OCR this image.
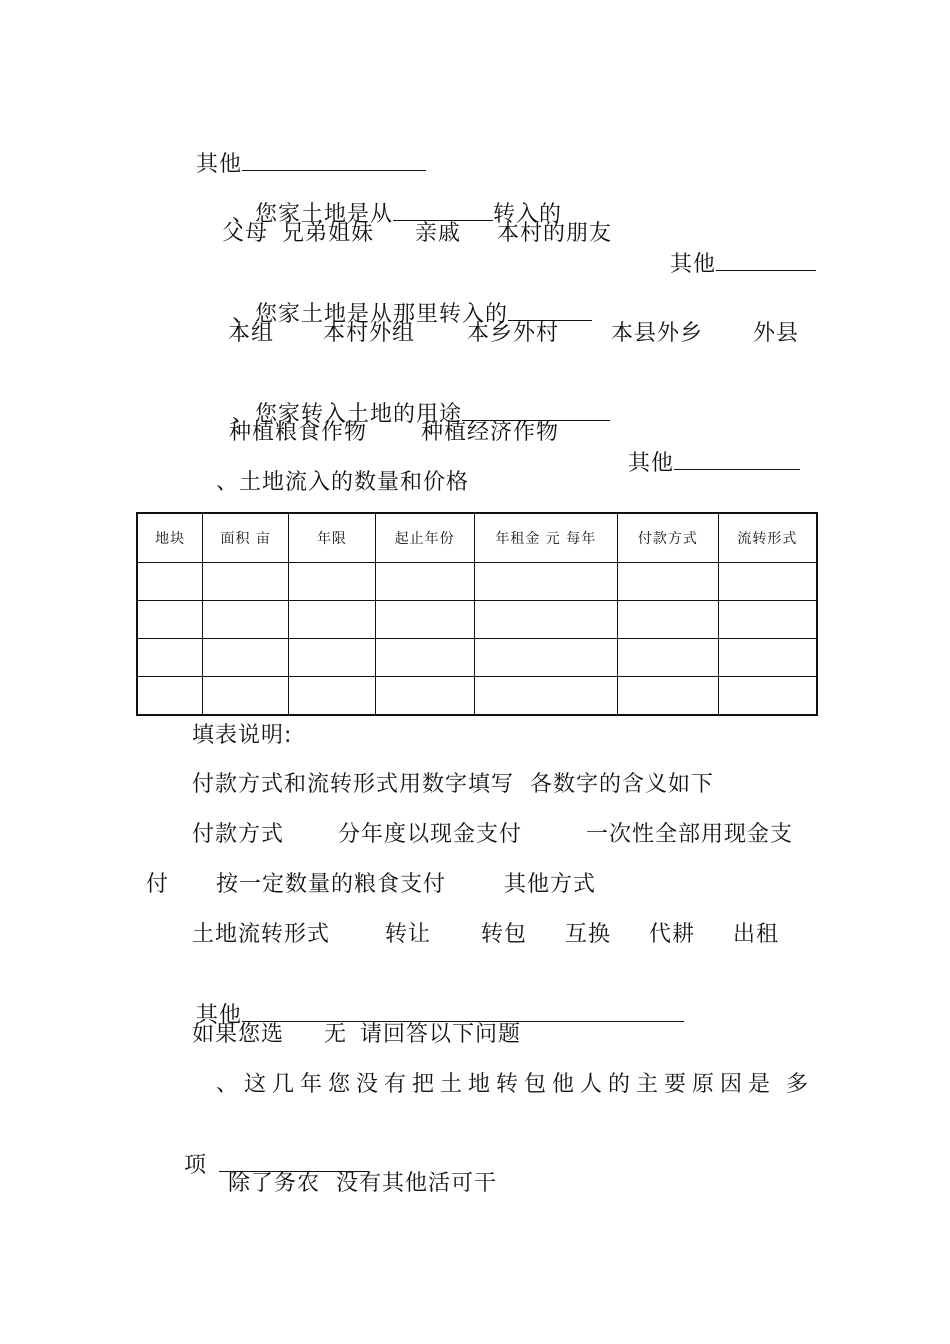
其他

、您家土地是从	转入的

父母 兄弟姐妹 亲戚 本村的朋友

其他

、您家土地是从那里转入的

本组 本村外组 本乡外村 本县外乡 外县

、您家转入土地的用途

种植粮食作物 种植经济作物

其他

、土地流入的数量和价格
地块	面积 亩	年限	起止年份	年租金 元 每年	付款方式	流转形式

填表说明:
付款方式和流转形式用数字填写  各数字的含义如下
付款方式 分年度以现金支付	一次性全部用现金支
付 按一定数量的粮食支付	其他方式
土地流转形式 转让 转包 互换 代耕 出租

其他

如果您选 无 请回答以下问题
、这几年您没有把土地转包他人的主要原因是 多

项

除了务农  没有其他活可干
